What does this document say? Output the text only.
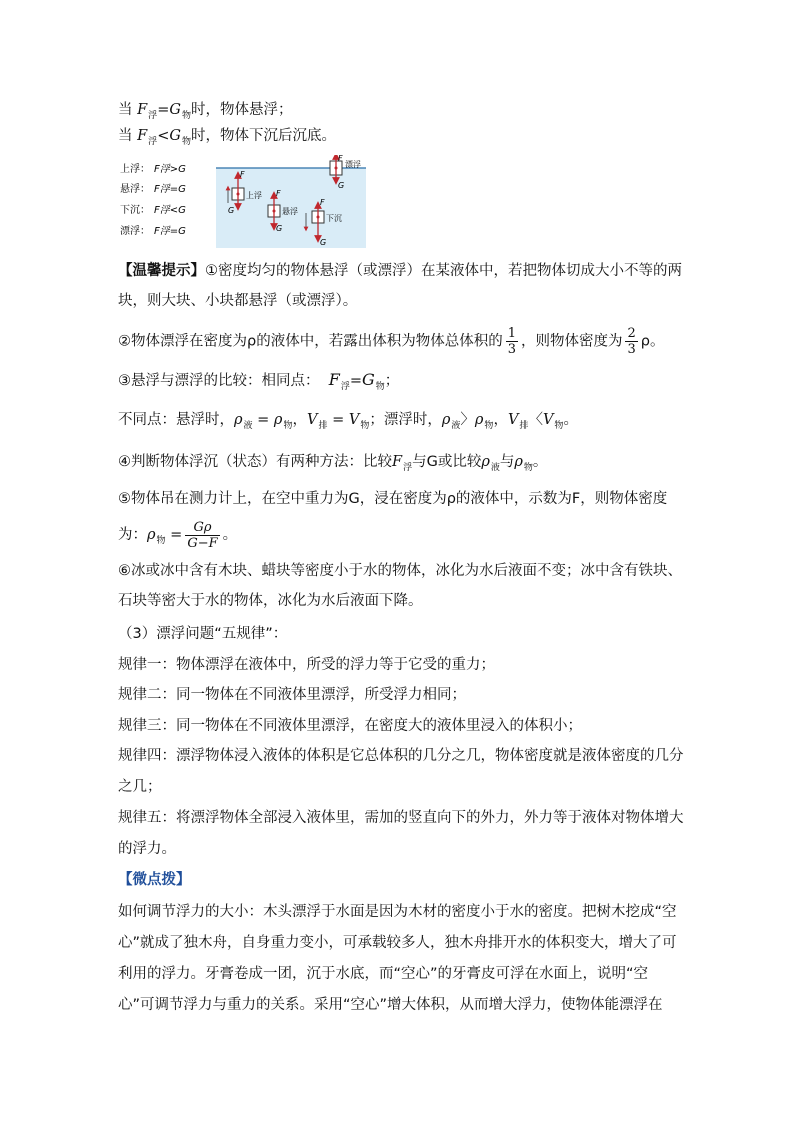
当 $F_浮=G_物$时，物体悬浮；
当 $F_浮<G_物$时，物体下沉后沉底。
上浮： F浮>G
悬浮： F浮=G
下沉： F浮<G
漂浮： F浮=G
F
G
上浮 F
G
悬浮
F
G
下沉
F
G
漂浮
【温馨提示】①密度均匀的物体悬浮（或漂浮）在某液体中，若把物体切成大小不等的两
块，则大块、小块都悬浮（或漂浮）。
②物体漂浮在密度为ρ的液体中，若露出体积为物体总体积的 $\frac{1}{3}$ ，则物体密度为 $\frac{2}{3}$ ρ。
③悬浮与漂浮的比较：相同点： $F_浮=G_物$；
不同点：悬浮时，$\rho_液 = \rho_物$，$V_排 = V_物$；漂浮时，$\rho_液$〉$\rho_物$，$V_排$〈$V_物$。
④判断物体浮沉（状态）有两种方法：比较$F_浮$与G或比较$\rho_液$与$\rho_物$。
⑤物体吊在测力计上，在空中重力为G，浸在密度为ρ的液体中，示数为F，则物体密度
为：$\rho_物 = \frac{G\rho}{G-F}$ 。
⑥冰或冰中含有木块、蜡块等密度小于水的物体，冰化为水后液面不变；冰中含有铁块、
石块等密大于水的物体，冰化为水后液面下降。
（3）漂浮问题“五规律”：
规律一：物体漂浮在液体中，所受的浮力等于它受的重力；
规律二：同一物体在不同液体里漂浮，所受浮力相同；
规律三：同一物体在不同液体里漂浮，在密度大的液体里浸入的体积小；
规律四：漂浮物体浸入液体的体积是它总体积的几分之几，物体密度就是液体密度的几分
之几；
规律五：将漂浮物体全部浸入液体里，需加的竖直向下的外力，外力等于液体对物体增大
的浮力。
【微点拨】
如何调节浮力的大小：木头漂浮于水面是因为木材的密度小于水的密度。把树木挖成“空
心”就成了独木舟，自身重力变小，可承载较多人，独木舟排开水的体积变大，增大了可
利用的浮力。牙膏卷成一团，沉于水底，而“空心”的牙膏皮可浮在水面上，说明“空
心”可调节浮力与重力的关系。采用“空心”增大体积，从而增大浮力，使物体能漂浮在
